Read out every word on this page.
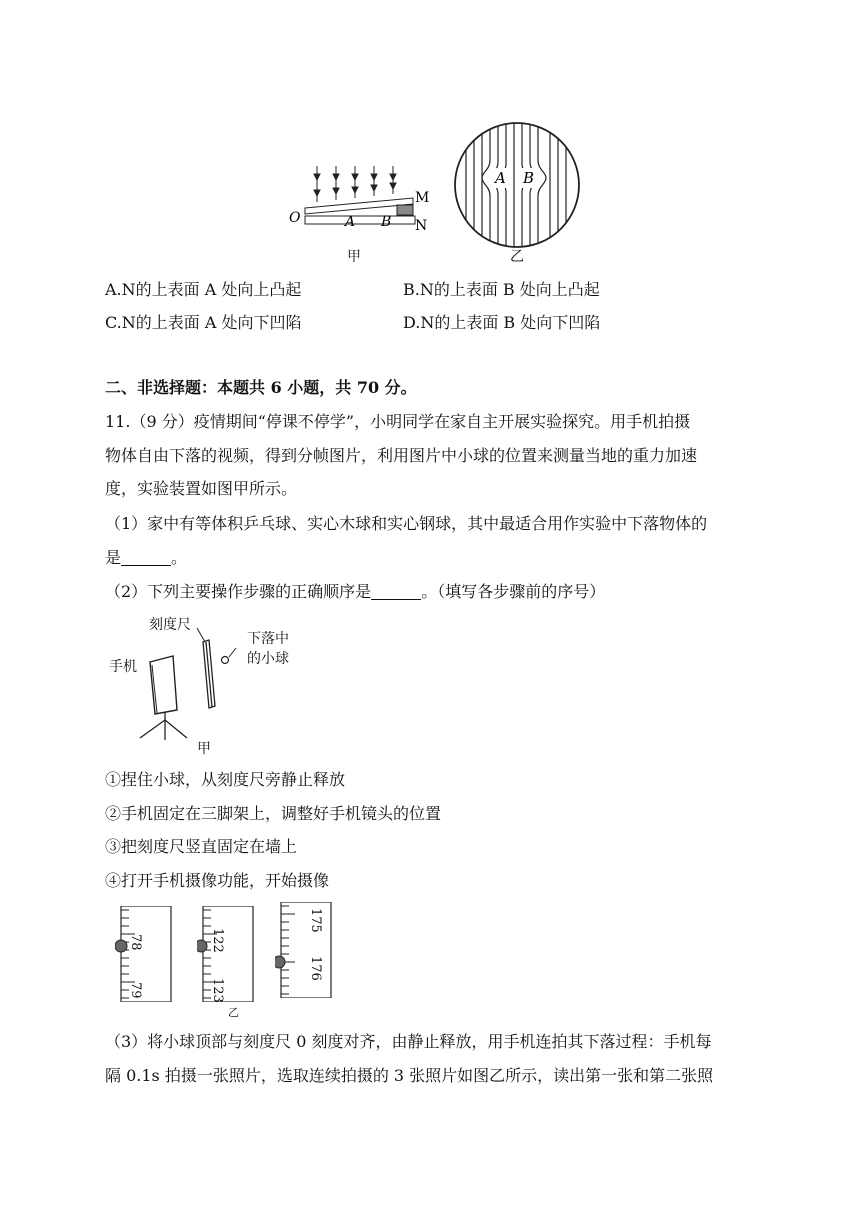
O	A B
M
N
甲
A B
乙
A.N的上表面 A 处向上凸起	B.N的上表面 B 处向上凸起
C.N的上表面 A 处向下凹陷	D.N的上表面 B 处向下凹陷
二、非选择题：本题共 6 小题，共 70 分。
11.（9 分）疫情期间“停课不停学”，小明同学在家自主开展实验探究。用手机拍摄
物体自由下落的视频，得到分帧图片，利用图片中小球的位置来测量当地的重力加速
度，实验装置如图甲所示。
（1）家中有等体积乒乓球、实心木球和实心钢球，其中最适合用作实验中下落物体的
是	。
（2）下列主要操作步骤的正确顺序是	。（填写各步骤前的序号）
刻度尺
手机
下落中
的小球
甲
①捏住小球，从刻度尺旁静止释放
②手机固定在三脚架上，调整好手机镜头的位置
③把刻度尺竖直固定在墙上
④打开手机摄像功能，开始摄像
78
79
122
123
175
176
乙
（3）将小球顶部与刻度尺 0 刻度对齐，由静止释放，用手机连拍其下落过程：手机每
隔 0.1s 拍摄一张照片，选取连续拍摄的 3 张照片如图乙所示，读出第一张和第二张照
